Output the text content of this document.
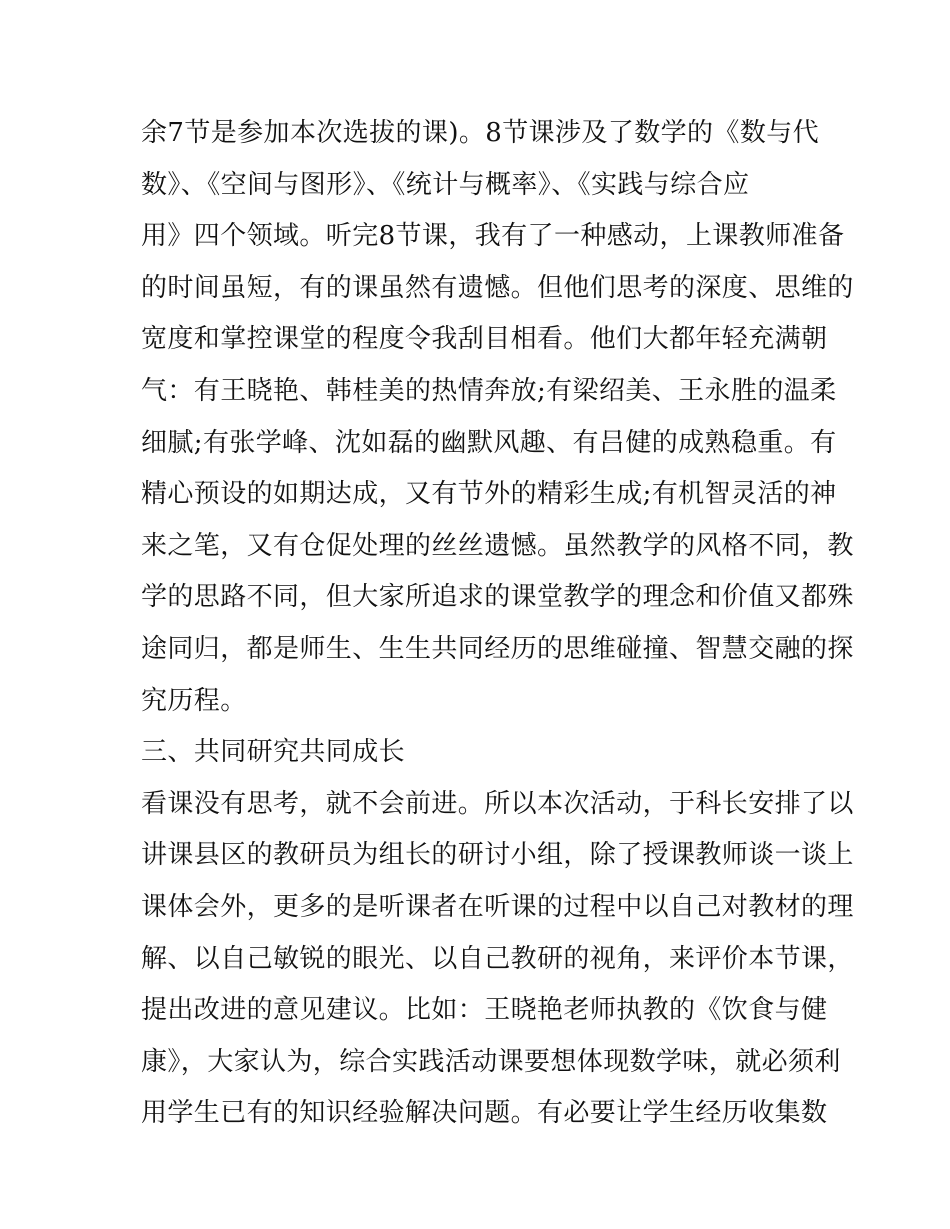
余7节是参加本次选拔的课)。8节课涉及了数学的《数与代
数》、《空间与图形》、《统计与概率》、《实践与综合应
用》四个领域。听完8节课，我有了一种感动，上课教师准备
的时间虽短，有的课虽然有遗憾。但他们思考的深度、思维的
宽度和掌控课堂的程度令我刮目相看。他们大都年轻充满朝
气：有王晓艳、韩桂美的热情奔放;有梁绍美、王永胜的温柔
细腻;有张学峰、沈如磊的幽默风趣、有吕健的成熟稳重。有
精心预设的如期达成，又有节外的精彩生成;有机智灵活的神
来之笔，又有仓促处理的丝丝遗憾。虽然教学的风格不同，教
学的思路不同，但大家所追求的课堂教学的理念和价值又都殊
途同归，都是师生、生生共同经历的思维碰撞、智慧交融的探
究历程。
三、共同研究共同成长
看课没有思考，就不会前进。所以本次活动，于科长安排了以
讲课县区的教研员为组长的研讨小组，除了授课教师谈一谈上
课体会外，更多的是听课者在听课的过程中以自己对教材的理
解、以自己敏锐的眼光、以自己教研的视角，来评价本节课，
提出改进的意见建议。比如：王晓艳老师执教的《饮食与健
康》，大家认为，综合实践活动课要想体现数学味，就必须利
用学生已有的知识经验解决问题。有必要让学生经历收集数
